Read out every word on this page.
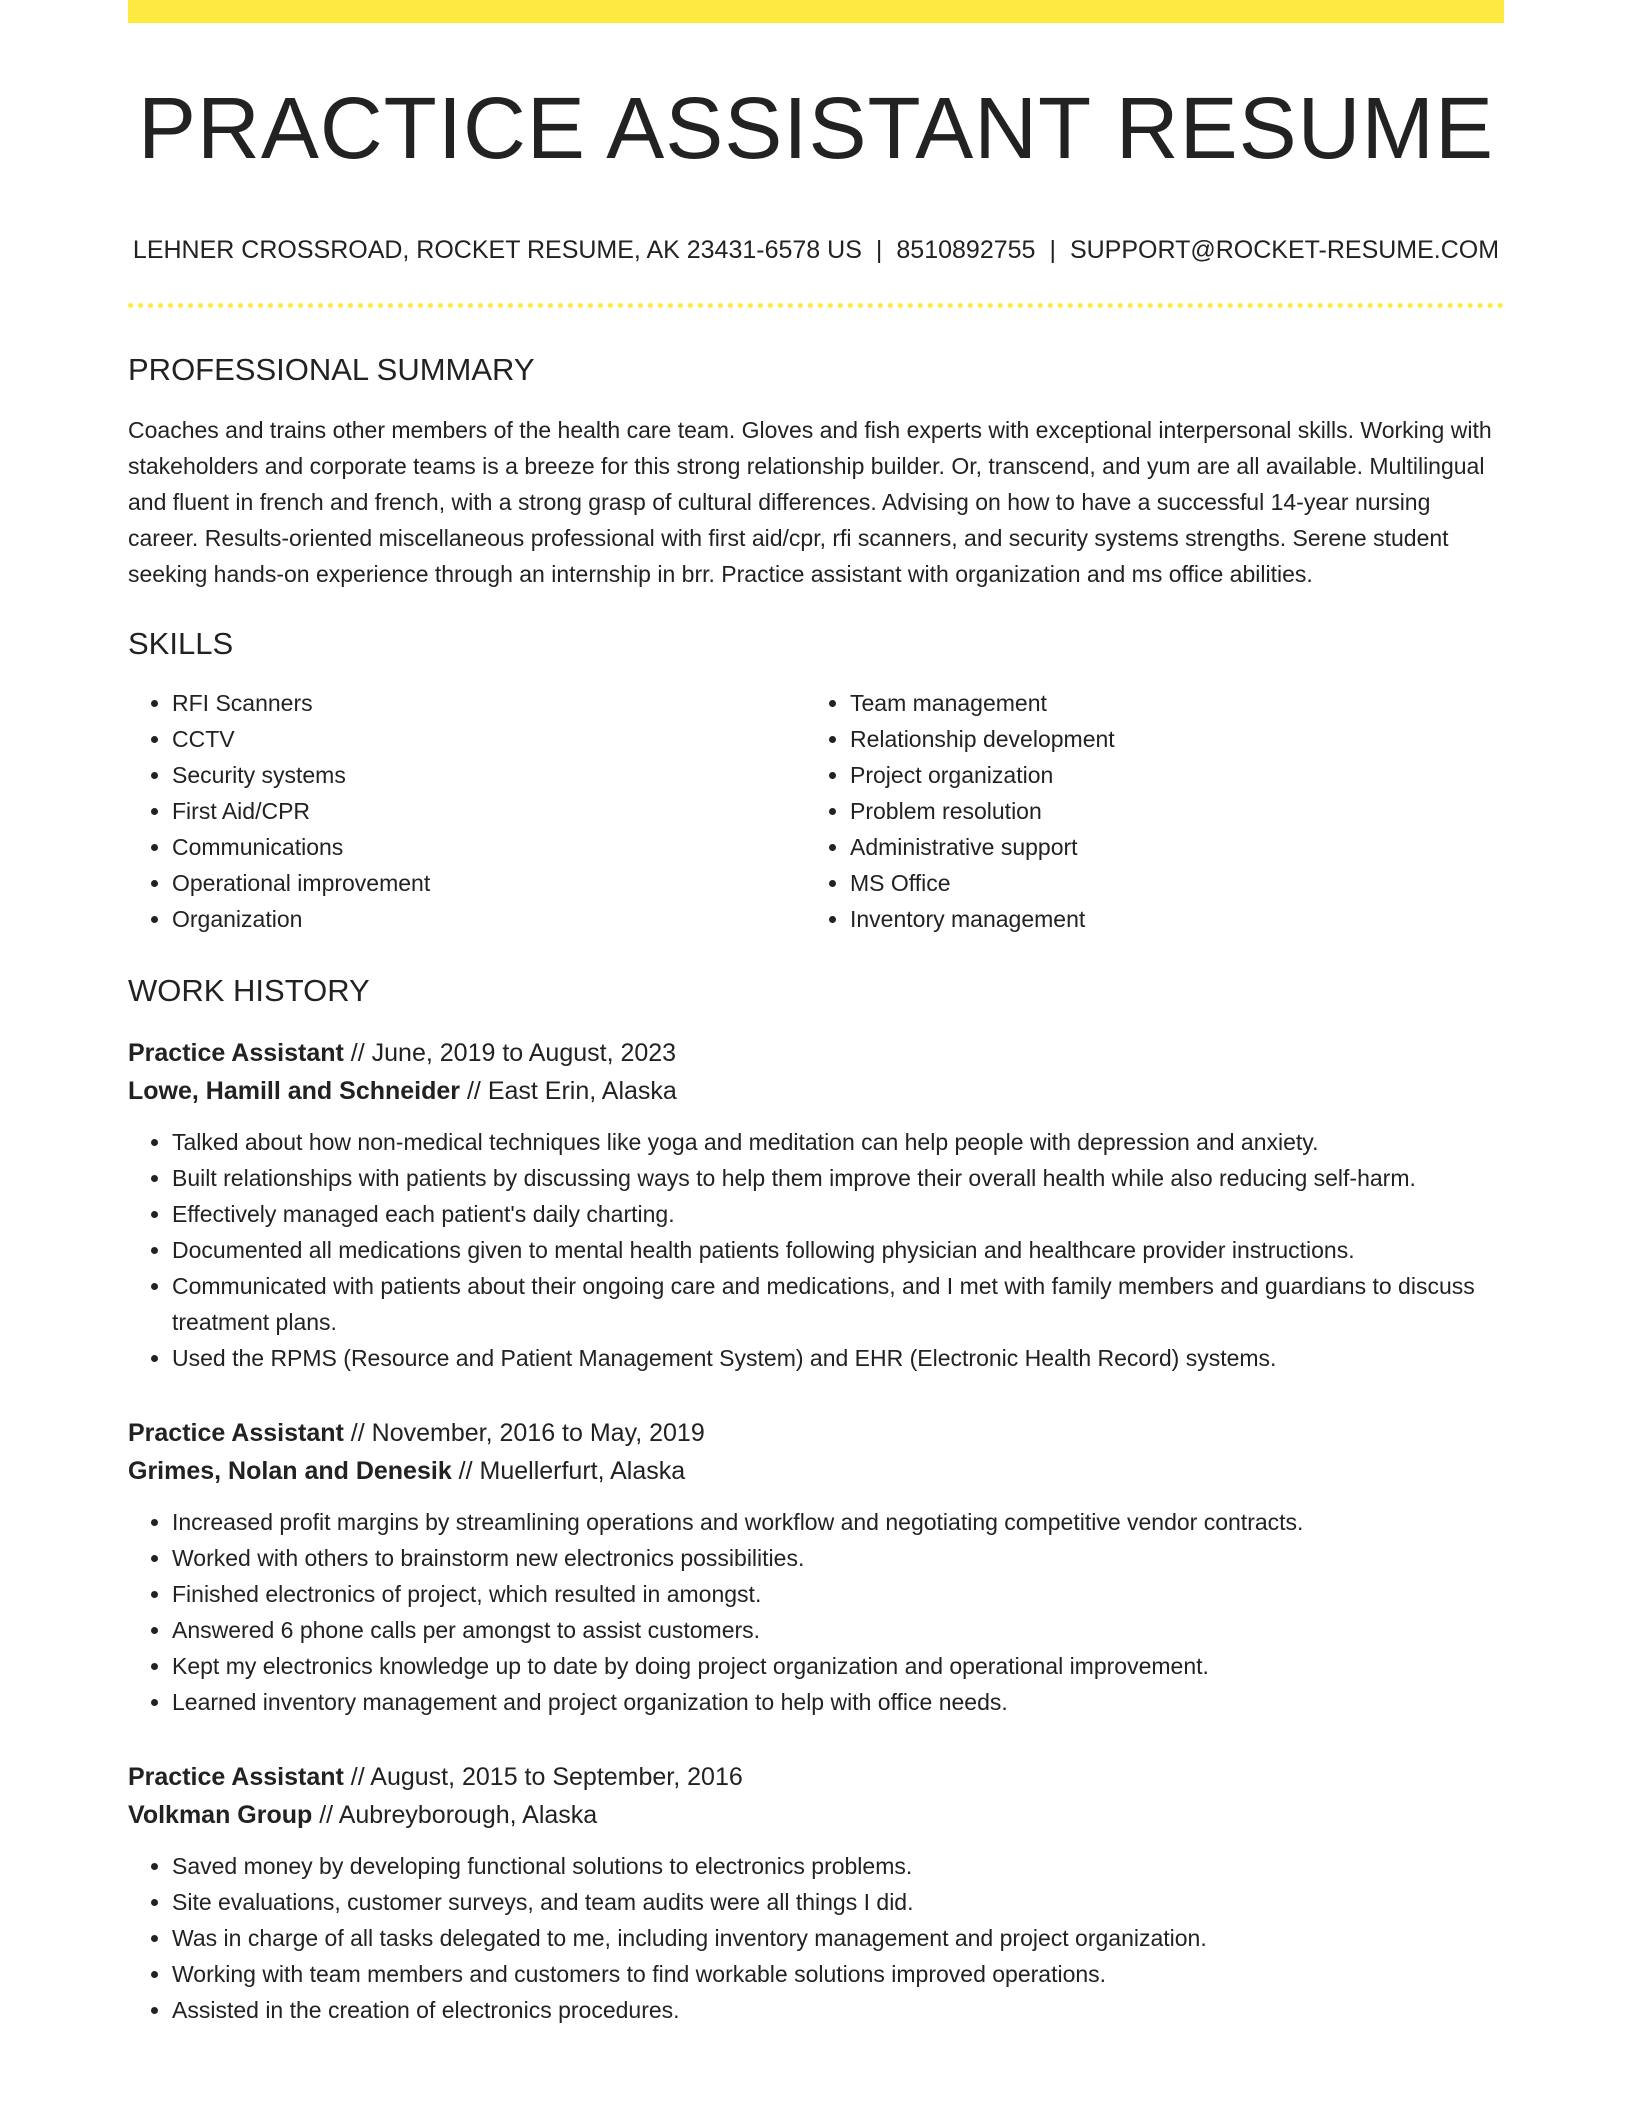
PRACTICE ASSISTANT RESUME
LEHNER CROSSROAD, ROCKET RESUME, AK 23431-6578 US | 8510892755 | SUPPORT@ROCKET-RESUME.COM
PROFESSIONAL SUMMARY

Coaches and trains other members of the health care team. Gloves and fish experts with exceptional interpersonal skills. Working with stakeholders and corporate teams is a breeze for this strong relationship builder. Or, transcend, and yum are all available. Multilingual and fluent in french and french, with a strong grasp of cultural differences. Advising on how to have a successful 14-year nursing career. Results-oriented miscellaneous professional with first aid/cpr, rfi scanners, and security systems strengths. Serene student seeking hands-on experience through an internship in brr. Practice assistant with organization and ms office abilities.

SKILLS
• RFI Scanners
• CCTV
• Security systems
• First Aid/CPR
• Communications
• Operational improvement
• Organization
• Team management
• Relationship development
• Project organization
• Problem resolution
• Administrative support
• MS Office
• Inventory management
WORK HISTORY
Practice Assistant // June, 2019 to August, 2023
Lowe, Hamill and Schneider // East Erin, Alaska
• Talked about how non-medical techniques like yoga and meditation can help people with depression and anxiety.
• Built relationships with patients by discussing ways to help them improve their overall health while also reducing self-harm.
• Effectively managed each patient's daily charting.
• Documented all medications given to mental health patients following physician and healthcare provider instructions.
• Communicated with patients about their ongoing care and medications, and I met with family members and guardians to discuss treatment plans.
• Used the RPMS (Resource and Patient Management System) and EHR (Electronic Health Record) systems.
Practice Assistant // November, 2016 to May, 2019
Grimes, Nolan and Denesik // Muellerfurt, Alaska
• Increased profit margins by streamlining operations and workflow and negotiating competitive vendor contracts.
• Worked with others to brainstorm new electronics possibilities.
• Finished electronics of project, which resulted in amongst.
• Answered 6 phone calls per amongst to assist customers.
• Kept my electronics knowledge up to date by doing project organization and operational improvement.
• Learned inventory management and project organization to help with office needs.
Practice Assistant // August, 2015 to September, 2016
Volkman Group // Aubreyborough, Alaska
• Saved money by developing functional solutions to electronics problems.
• Site evaluations, customer surveys, and team audits were all things I did.
• Was in charge of all tasks delegated to me, including inventory management and project organization.
• Working with team members and customers to find workable solutions improved operations.
• Assisted in the creation of electronics procedures.
